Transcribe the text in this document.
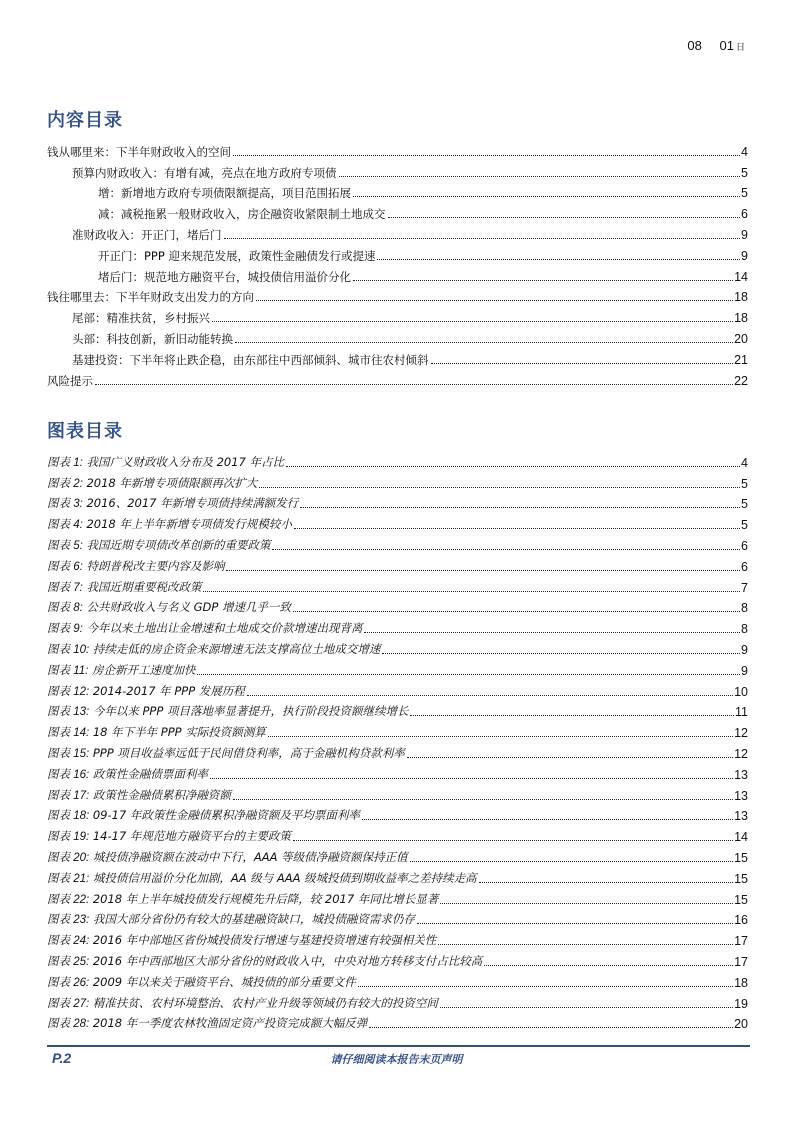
08 01 日
内容目录
钱从哪里来：下半年财政收入的空间	4
预算内财政收入：有增有减，亮点在地方政府专项债	5
增：新增地方政府专项债限额提高，项目范围拓展	5
减：减税拖累一般财政收入，房企融资收紧限制土地成交	6
准财政收入：开正门，堵后门	9
开正门：PPP 迎来规范发展，政策性金融债发行或提速	9
堵后门：规范地方融资平台，城投债信用溢价分化	14
钱往哪里去：下半年财政支出发力的方向	18
尾部：精准扶贫，乡村振兴	18
头部：科技创新，新旧动能转换	20
基建投资：下半年将止跌企稳，由东部往中西部倾斜、城市往农村倾斜	21
风险提示	22
图表目录
图表 1: 我国广义财政收入分布及 2017 年占比	4
图表 2: 2018 年新增专项债限额再次扩大	5
图表 3: 2016、2017 年新增专项债持续满额发行	5
图表 4: 2018 年上半年新增专项债发行规模较小	5
图表 5: 我国近期专项债改革创新的重要政策	6
图表 6: 特朗普税改主要内容及影响	6
图表 7: 我国近期重要税改政策	7
图表 8: 公共财政收入与名义 GDP 增速几乎一致	8
图表 9: 今年以来土地出让金增速和土地成交价款增速出现背离	8
图表 10: 持续走低的房企资金来源增速无法支撑高位土地成交增速	9
图表 11: 房企新开工速度加快	9
图表 12: 2014-2017 年 PPP 发展历程	10
图表 13: 今年以来 PPP 项目落地率显著提升，执行阶段投资额继续增长	11
图表 14: 18 年下半年 PPP 实际投资额测算	12
图表 15: PPP 项目收益率远低于民间借贷利率，高于金融机构贷款利率	12
图表 16: 政策性金融债票面利率	13
图表 17: 政策性金融债累积净融资额	13
图表 18: 09-17 年政策性金融债累积净融资额及平均票面利率	13
图表 19: 14-17 年规范地方融资平台的主要政策	14
图表 20: 城投债净融资额在波动中下行，AAA 等级债净融资额保持正值	15
图表 21: 城投债信用溢价分化加剧，AA 级与 AAA 级城投债到期收益率之差持续走高	15
图表 22: 2018 年上半年城投债发行规模先升后降，较 2017 年同比增长显著	15
图表 23: 我国大部分省份仍有较大的基建融资缺口，城投债融资需求仍存	16
图表 24: 2016 年中部地区省份城投债发行增速与基建投资增速有较强相关性	17
图表 25: 2016 年中西部地区大部分省份的财政收入中，中央对地方转移支付占比较高	17
图表 26: 2009 年以来关于融资平台、城投债的部分重要文件	18
图表 27: 精准扶贫、农村环境整治、农村产业升级等领域仍有较大的投资空间	19
图表 28: 2018 年一季度农林牧渔固定资产投资完成额大幅反弹	20
P.2	请仔细阅读本报告末页声明
